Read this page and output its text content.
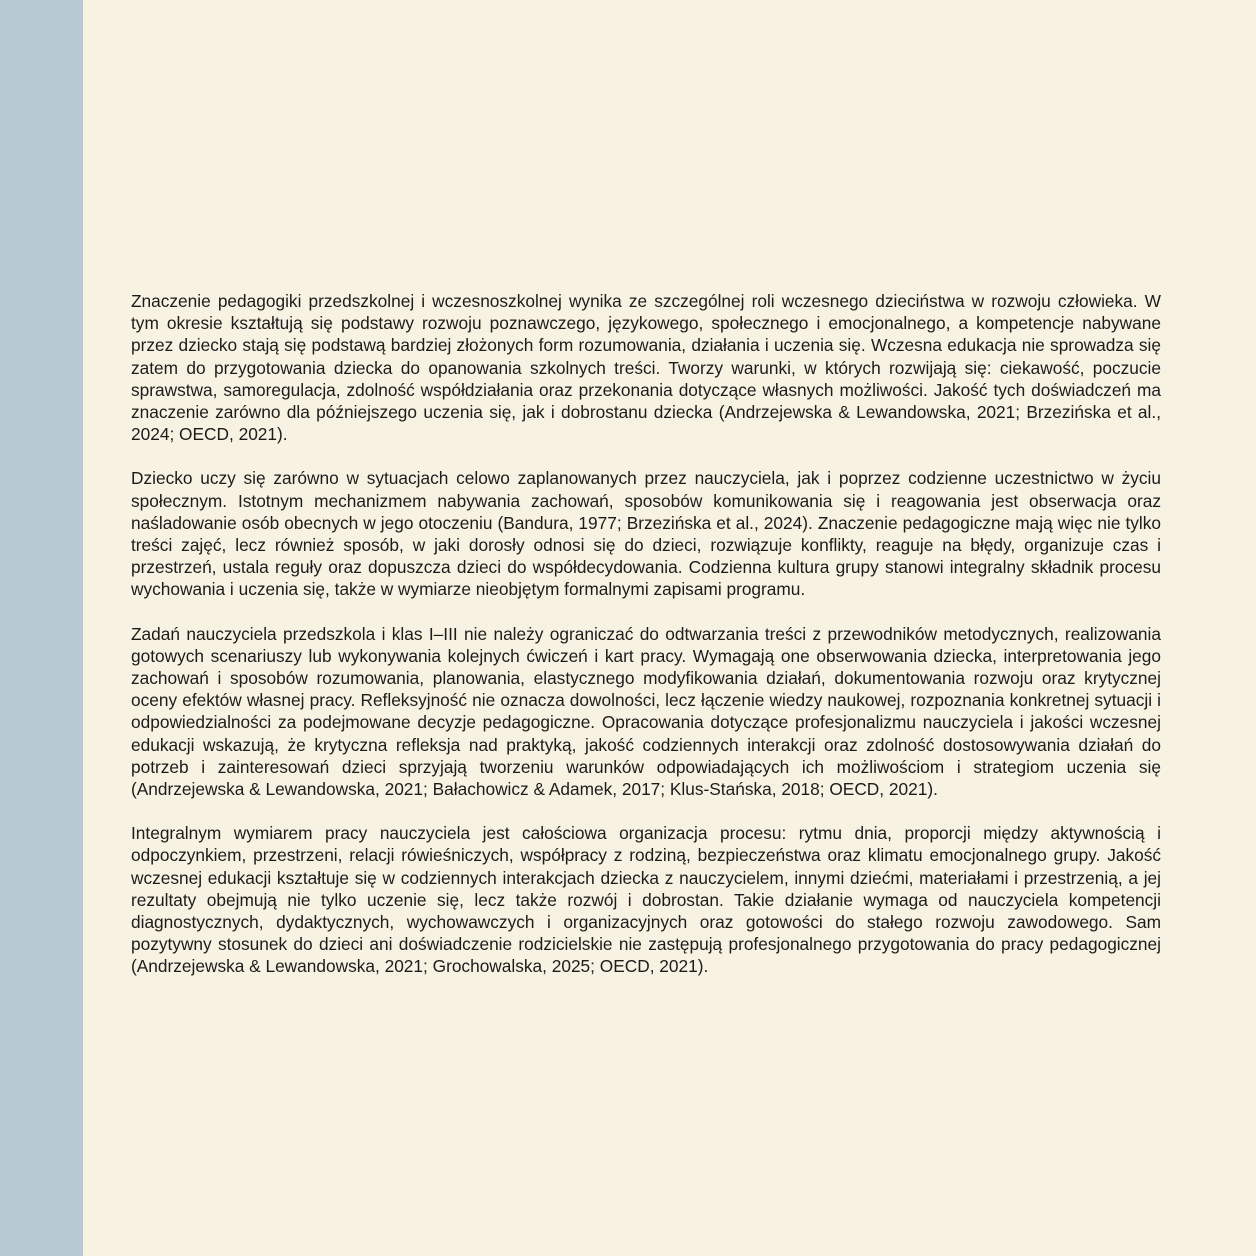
Znaczenie pedagogiki przedszkolnej i wczesnoszkolnej wynika ze szczególnej roli wczesnego dzieciństwa w rozwoju człowieka. W tym okresie kształtują się podstawy rozwoju poznawczego, językowego, społecznego i emocjonalnego, a kompetencje nabywane przez dziecko stają się podstawą bardziej złożonych form rozumowania, działania i uczenia się. Wczesna edukacja nie sprowadza się zatem do przygotowania dziecka do opanowania szkolnych treści. Tworzy warunki, w których rozwijają się: ciekawość, poczucie sprawstwa, samoregulacja, zdolność współdziałania oraz przekonania dotyczące własnych możliwości. Jakość tych doświadczeń ma znaczenie zarówno dla późniejszego uczenia się, jak i dobrostanu dziecka (Andrzejewska & Lewandowska, 2021; Brzezińska et al., 2024; OECD, 2021).

Dziecko uczy się zarówno w sytuacjach celowo zaplanowanych przez nauczyciela, jak i poprzez codzienne uczestnictwo w życiu społecznym. Istotnym mechanizmem nabywania zachowań, sposobów komunikowania się i reagowania jest obserwacja oraz naśladowanie osób obecnych w jego otoczeniu (Bandura, 1977; Brzezińska et al., 2024). Znaczenie pedagogiczne mają więc nie tylko treści zajęć, lecz również sposób, w jaki dorosły odnosi się do dzieci, rozwiązuje konflikty, reaguje na błędy, organizuje czas i przestrzeń, ustala reguły oraz dopuszcza dzieci do współdecydowania. Codzienna kultura grupy stanowi integralny składnik procesu wychowania i uczenia się, także w wymiarze nieobjętym formalnymi zapisami programu.

Zadań nauczyciela przedszkola i klas I–III nie należy ograniczać do odtwarzania treści z przewodników metodycznych, realizowania gotowych scenariuszy lub wykonywania kolejnych ćwiczeń i kart pracy. Wymagają one obserwowania dziecka, interpretowania jego zachowań i sposobów rozumowania, planowania, elastycznego modyfikowania działań, dokumentowania rozwoju oraz krytycznej oceny efektów własnej pracy. Refleksyjność nie oznacza dowolności, lecz łączenie wiedzy naukowej, rozpoznania konkretnej sytuacji i odpowiedzialności za podejmowane decyzje pedagogiczne. Opracowania dotyczące profesjonalizmu nauczyciela i jakości wczesnej edukacji wskazują, że krytyczna refleksja nad praktyką, jakość codziennych interakcji oraz zdolność dostosowywania działań do potrzeb i zainteresowań dzieci sprzyjają tworzeniu warunków odpowiadających ich możliwościom i strategiom uczenia się (Andrzejewska & Lewandowska, 2021; Bałachowicz & Adamek, 2017; Klus-Stańska, 2018; OECD, 2021).

Integralnym wymiarem pracy nauczyciela jest całościowa organizacja procesu: rytmu dnia, proporcji między aktywnością i odpoczynkiem, przestrzeni, relacji rówieśniczych, współpracy z rodziną, bezpieczeństwa oraz klimatu emocjonalnego grupy. Jakość wczesnej edukacji kształtuje się w codziennych interakcjach dziecka z nauczycielem, innymi dziećmi, materiałami i przestrzenią, a jej rezultaty obejmują nie tylko uczenie się, lecz także rozwój i dobrostan. Takie działanie wymaga od nauczyciela kompetencji diagnostycznych, dydaktycznych, wychowawczych i organizacyjnych oraz gotowości do stałego rozwoju zawodowego. Sam pozytywny stosunek do dzieci ani doświadczenie rodzicielskie nie zastępują profesjonalnego przygotowania do pracy pedagogicznej (Andrzejewska & Lewandowska, 2021; Grochowalska, 2025; OECD, 2021).
